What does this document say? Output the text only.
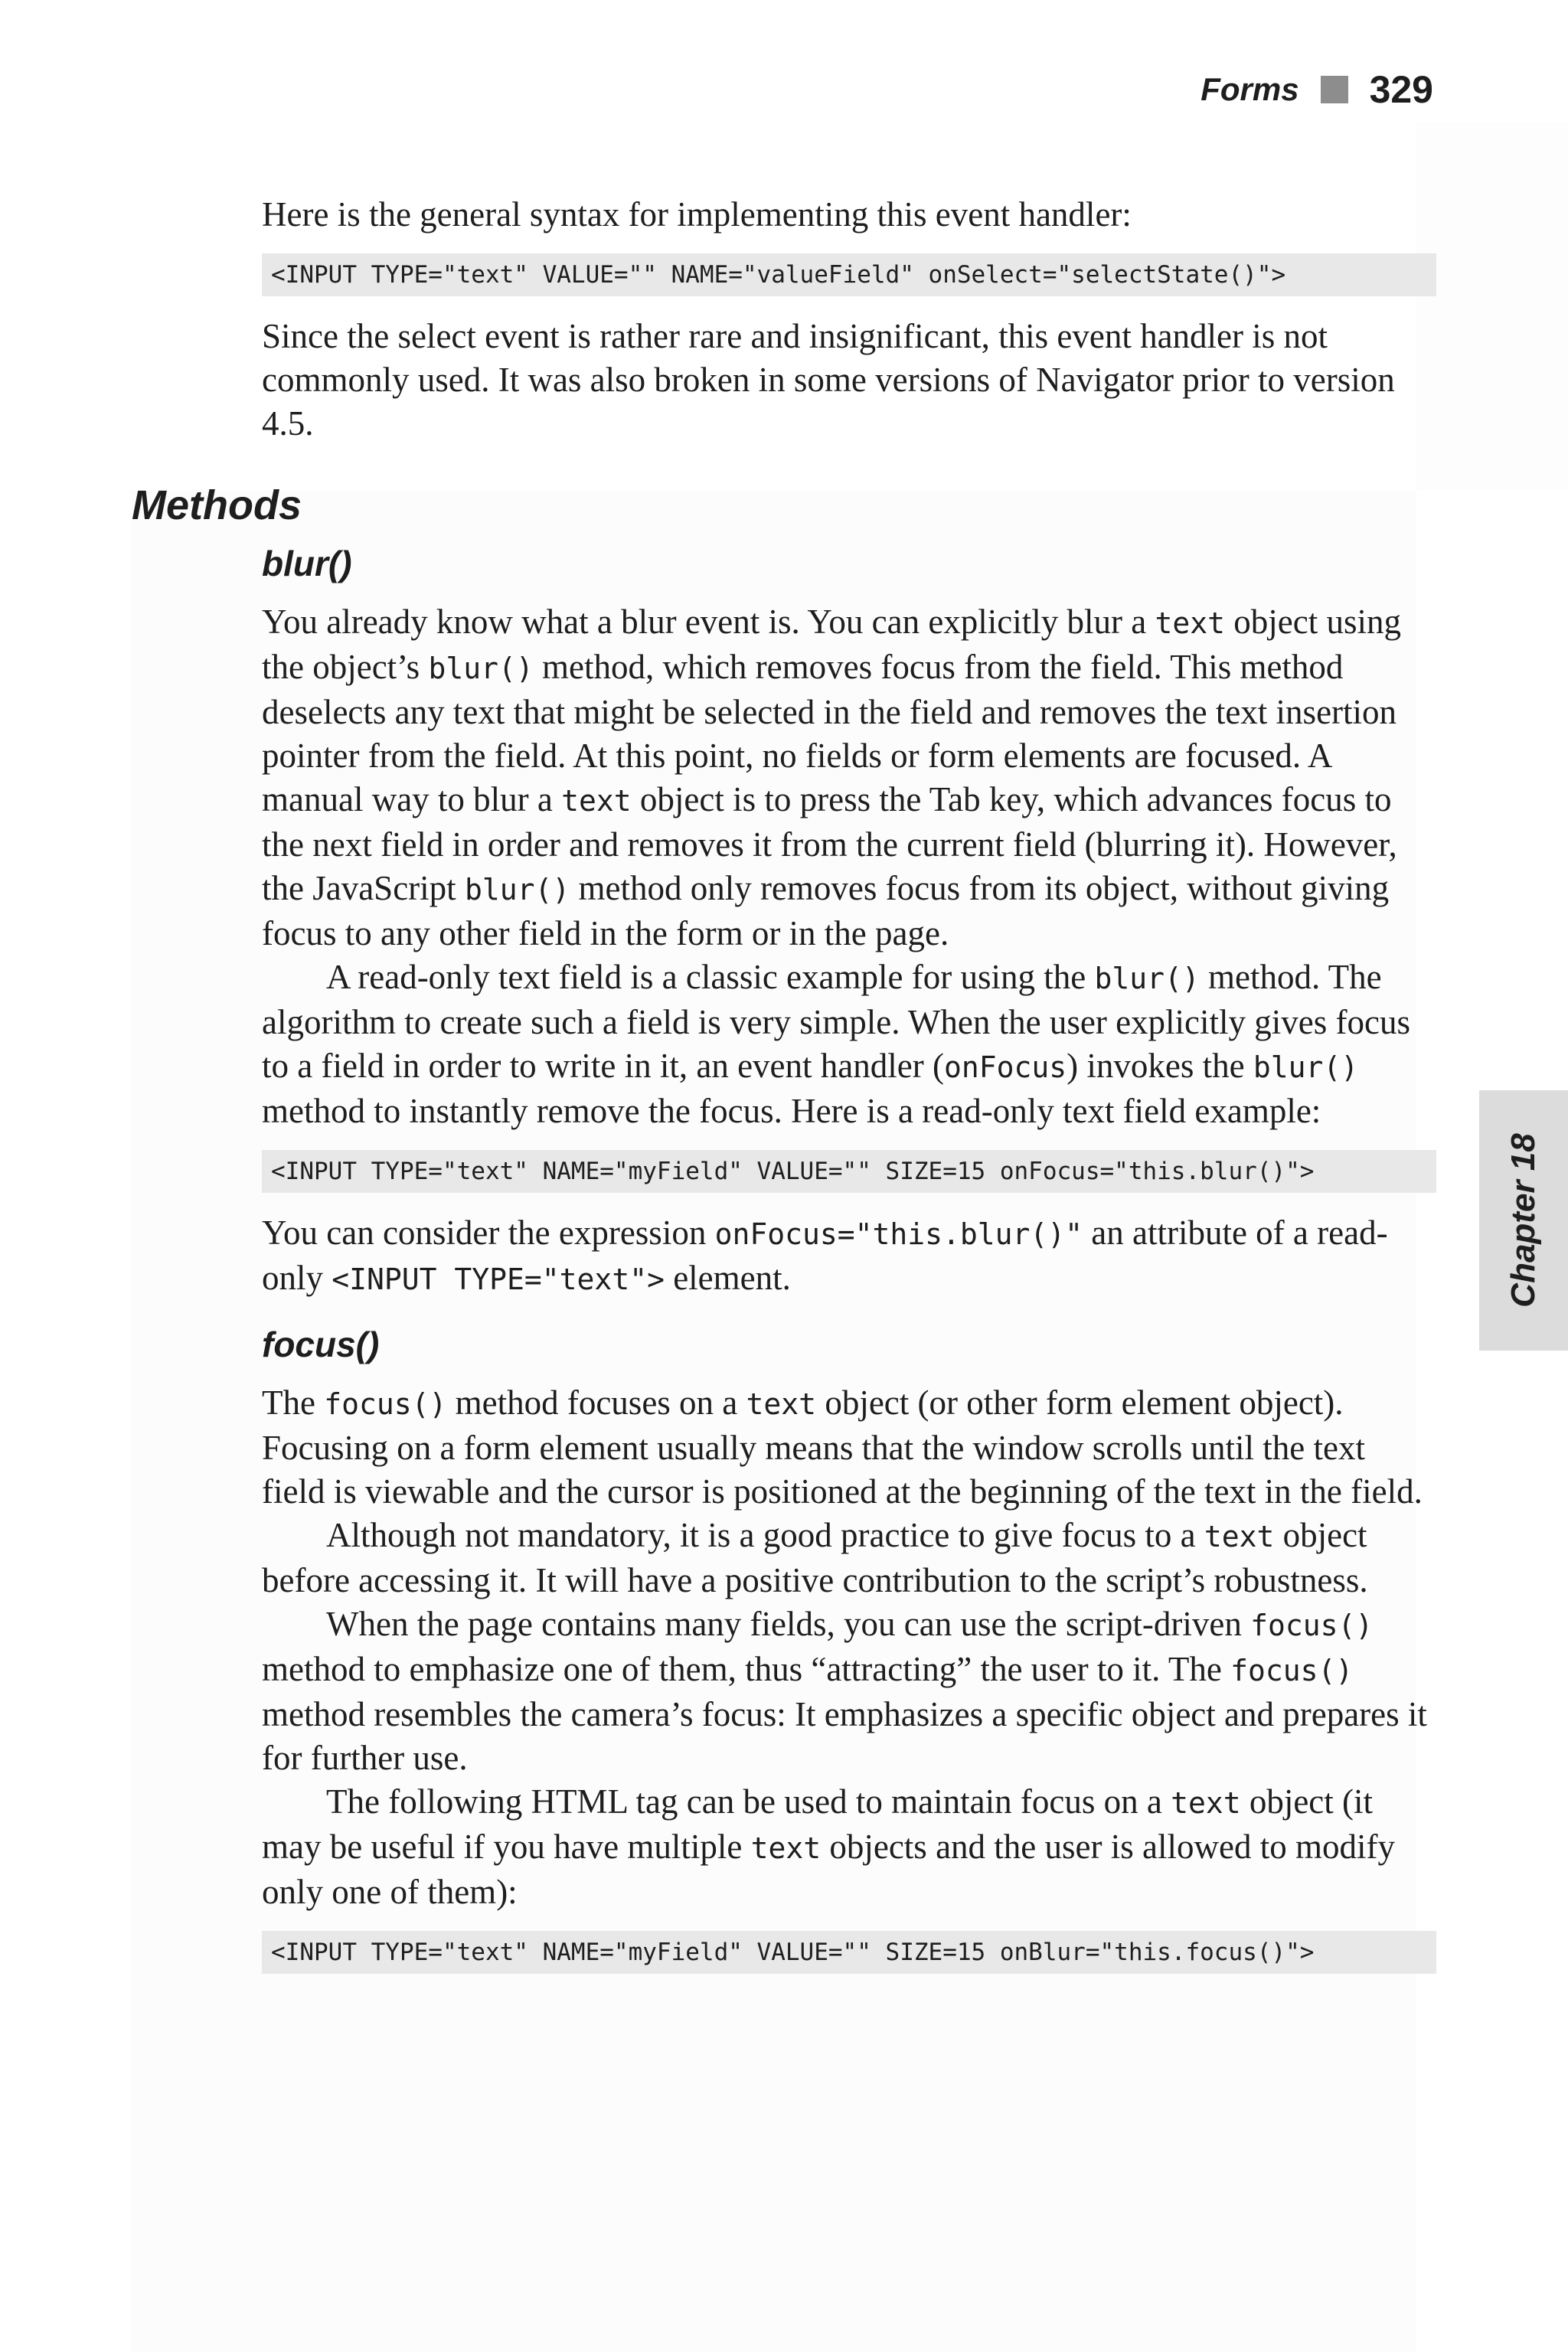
Forms 329
Chapter 18

Here is the general syntax for implementing this event handler:

<INPUT TYPE="text" VALUE="" NAME="valueField" onSelect="selectState()">

Since the select event is rather rare and insignificant, this event handler is not commonly used. It was also broken in some versions of Navigator prior to version 4.5.

Methods
blur()

You already know what a blur event is. You can explicitly blur a text object using the object’s blur() method, which removes focus from the field. This method deselects any text that might be selected in the field and removes the text insertion pointer from the field. At this point, no fields or form elements are focused. A manual way to blur a text object is to press the Tab key, which advances focus to the next field in order and removes it from the current field (blurring it). However, the JavaScript blur() method only removes focus from its object, without giving focus to any other field in the form or in the page.

A read-only text field is a classic example for using the blur() method. The algorithm to create such a field is very simple. When the user explicitly gives focus to a field in order to write in it, an event handler (onFocus) invokes the blur() method to instantly remove the focus. Here is a read-only text field example:

<INPUT TYPE="text" NAME="myField" VALUE="" SIZE=15 onFocus="this.blur()">

You can consider the expression onFocus="this.blur()" an attribute of a read-only <INPUT TYPE="text"> element.

focus()

The focus() method focuses on a text object (or other form element object). Focusing on a form element usually means that the window scrolls until the text field is viewable and the cursor is positioned at the beginning of the text in the field.

Although not mandatory, it is a good practice to give focus to a text object before accessing it. It will have a positive contribution to the script’s robustness.

When the page contains many fields, you can use the script-driven focus() method to emphasize one of them, thus “attracting” the user to it. The focus() method resembles the camera’s focus: It emphasizes a specific object and prepares it for further use.

The following HTML tag can be used to maintain focus on a text object (it may be useful if you have multiple text objects and the user is allowed to modify only one of them):

<INPUT TYPE="text" NAME="myField" VALUE="" SIZE=15 onBlur="this.focus()">
